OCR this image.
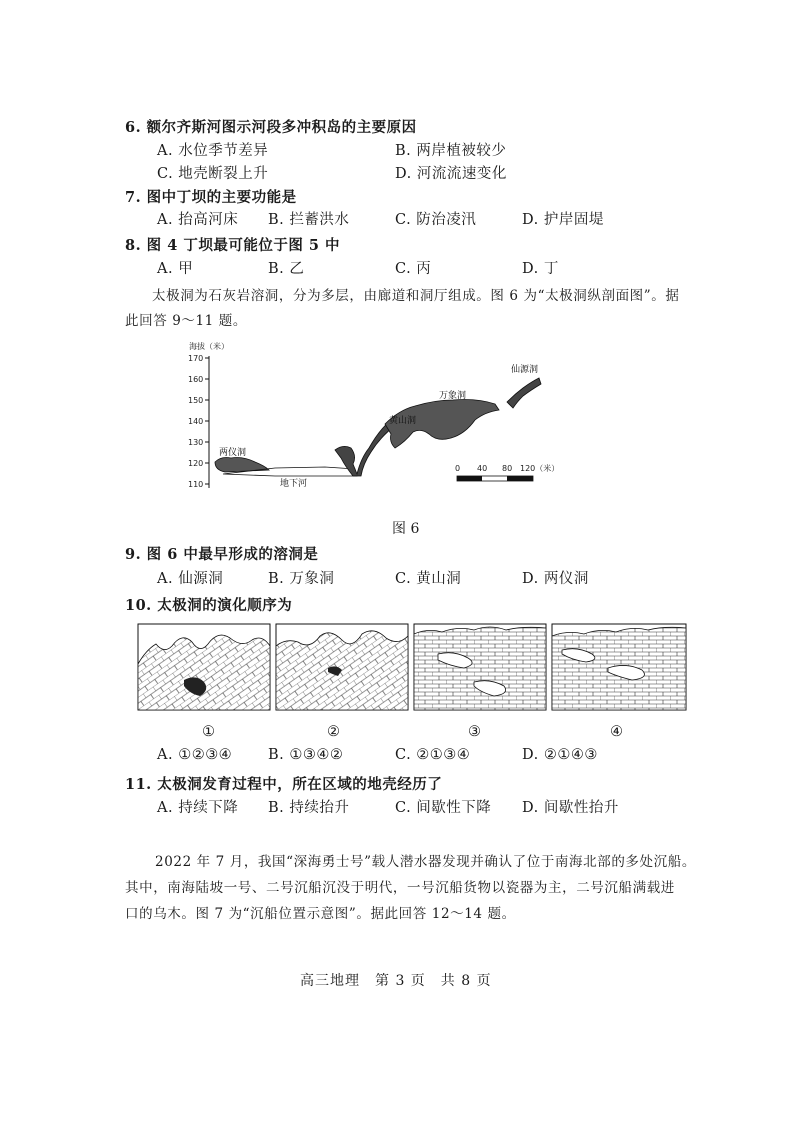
6. 额尔齐斯河图示河段多冲积岛的主要原因
A. 水位季节差异	B. 两岸植被较少
C. 地壳断裂上升	D. 河流流速变化
7. 图中丁坝的主要功能是
A. 抬高河床 B. 拦蓄洪水	C. 防治凌汛	D. 护岸固堤
8. 图 4 丁坝最可能位于图 5 中
A. 甲	B. 乙	C. 丙	D. 丁
太极洞为石灰岩溶洞，分为多层，由廊道和洞厅组成。图 6 为“太极洞纵剖面图”。据
此回答 9～11 题。
海拔（米）
170
160
150
140
130
120
110
两仪洞
地下河
黄山洞
万象洞
仙源洞
0 40 80 120（米）
图 6
9. 图 6 中最早形成的溶洞是
A. 仙源洞	B. 万象洞	C. 黄山洞	D. 两仪洞
10. 太极洞的演化顺序为
①	②	③	④
A. ①②③④ B. ①③④②	C. ②①③④	D. ②①④③
11. 太极洞发育过程中，所在区域的地壳经历了
A. 持续下降 B. 持续抬升	C. 间歇性下降 D. 间歇性抬升
2022 年 7 月，我国“深海勇士号”载人潜水器发现并确认了位于南海北部的多处沉船。
其中，南海陆坡一号、二号沉船沉没于明代，一号沉船货物以瓷器为主，二号沉船满载进
口的乌木。图 7 为“沉船位置示意图”。据此回答 12～14 题。
高三地理　第 3 页　共 8 页
